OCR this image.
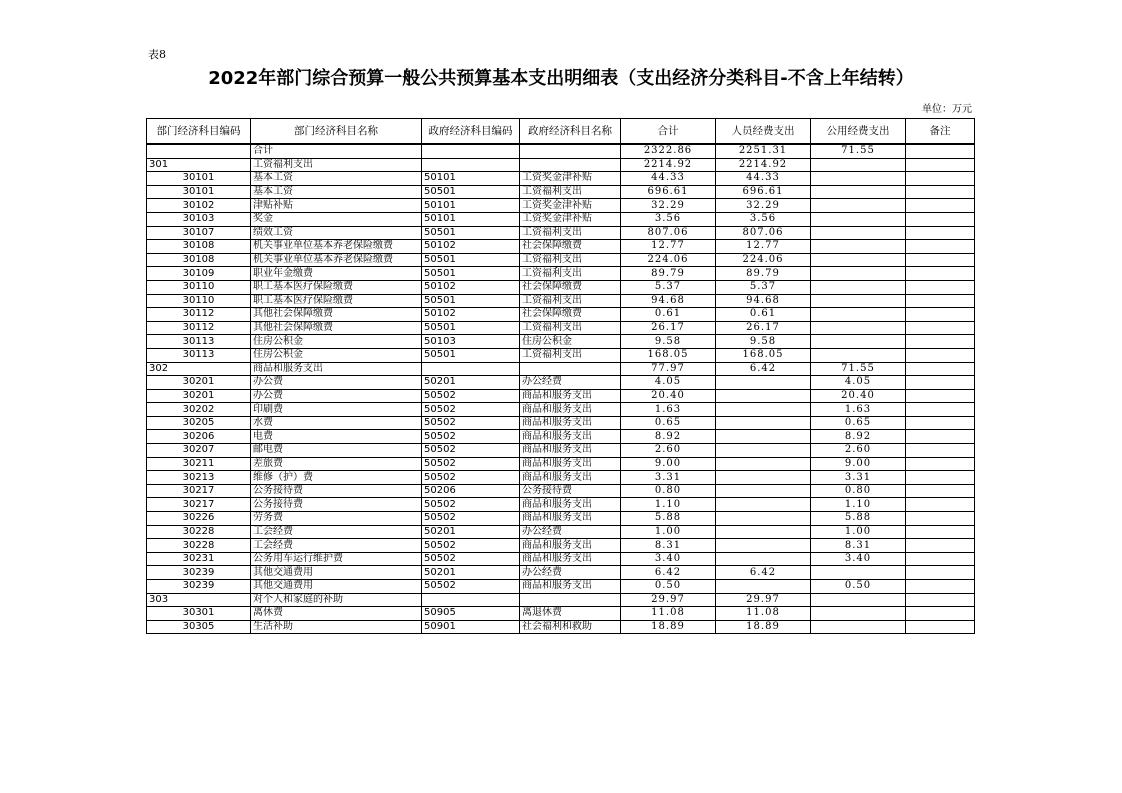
表8
2022年部门综合预算一般公共预算基本支出明细表（支出经济分类科目-不含上年结转）
单位：万元
部门经济科目编码	部门经济科目名称	政府经济科目编码	政府经济科目名称	合计	人员经费支出	公用经费支出	备注
	合计			2322.86	2251.31	71.55	
301	工资福利支出			2214.92	2214.92		
30101	基本工资	50101	工资奖金津补贴	44.33	44.33		
30101	基本工资	50501	工资福利支出	696.61	696.61		
30102	津贴补贴	50101	工资奖金津补贴	32.29	32.29		
30103	奖金	50101	工资奖金津补贴	3.56	3.56		
30107	绩效工资	50501	工资福利支出	807.06	807.06		
30108	机关事业单位基本养老保险缴费	50102	社会保障缴费	12.77	12.77		
30108	机关事业单位基本养老保险缴费	50501	工资福利支出	224.06	224.06		
30109	职业年金缴费	50501	工资福利支出	89.79	89.79		
30110	职工基本医疗保险缴费	50102	社会保障缴费	5.37	5.37		
30110	职工基本医疗保险缴费	50501	工资福利支出	94.68	94.68		
30112	其他社会保障缴费	50102	社会保障缴费	0.61	0.61		
30112	其他社会保障缴费	50501	工资福利支出	26.17	26.17		
30113	住房公积金	50103	住房公积金	9.58	9.58		
30113	住房公积金	50501	工资福利支出	168.05	168.05		
302	商品和服务支出			77.97	6.42	71.55	
30201	办公费	50201	办公经费	4.05		4.05	
30201	办公费	50502	商品和服务支出	20.40		20.40	
30202	印刷费	50502	商品和服务支出	1.63		1.63	
30205	水费	50502	商品和服务支出	0.65		0.65	
30206	电费	50502	商品和服务支出	8.92		8.92	
30207	邮电费	50502	商品和服务支出	2.60		2.60	
30211	差旅费	50502	商品和服务支出	9.00		9.00	
30213	维修（护）费	50502	商品和服务支出	3.31		3.31	
30217	公务接待费	50206	公务接待费	0.80		0.80	
30217	公务接待费	50502	商品和服务支出	1.10		1.10	
30226	劳务费	50502	商品和服务支出	5.88		5.88	
30228	工会经费	50201	办公经费	1.00		1.00	
30228	工会经费	50502	商品和服务支出	8.31		8.31	
30231	公务用车运行维护费	50502	商品和服务支出	3.40		3.40	
30239	其他交通费用	50201	办公经费	6.42	6.42		
30239	其他交通费用	50502	商品和服务支出	0.50		0.50	
303	对个人和家庭的补助			29.97	29.97		
30301	离休费	50905	离退休费	11.08	11.08		
30305	生活补助	50901	社会福利和救助	18.89	18.89		
